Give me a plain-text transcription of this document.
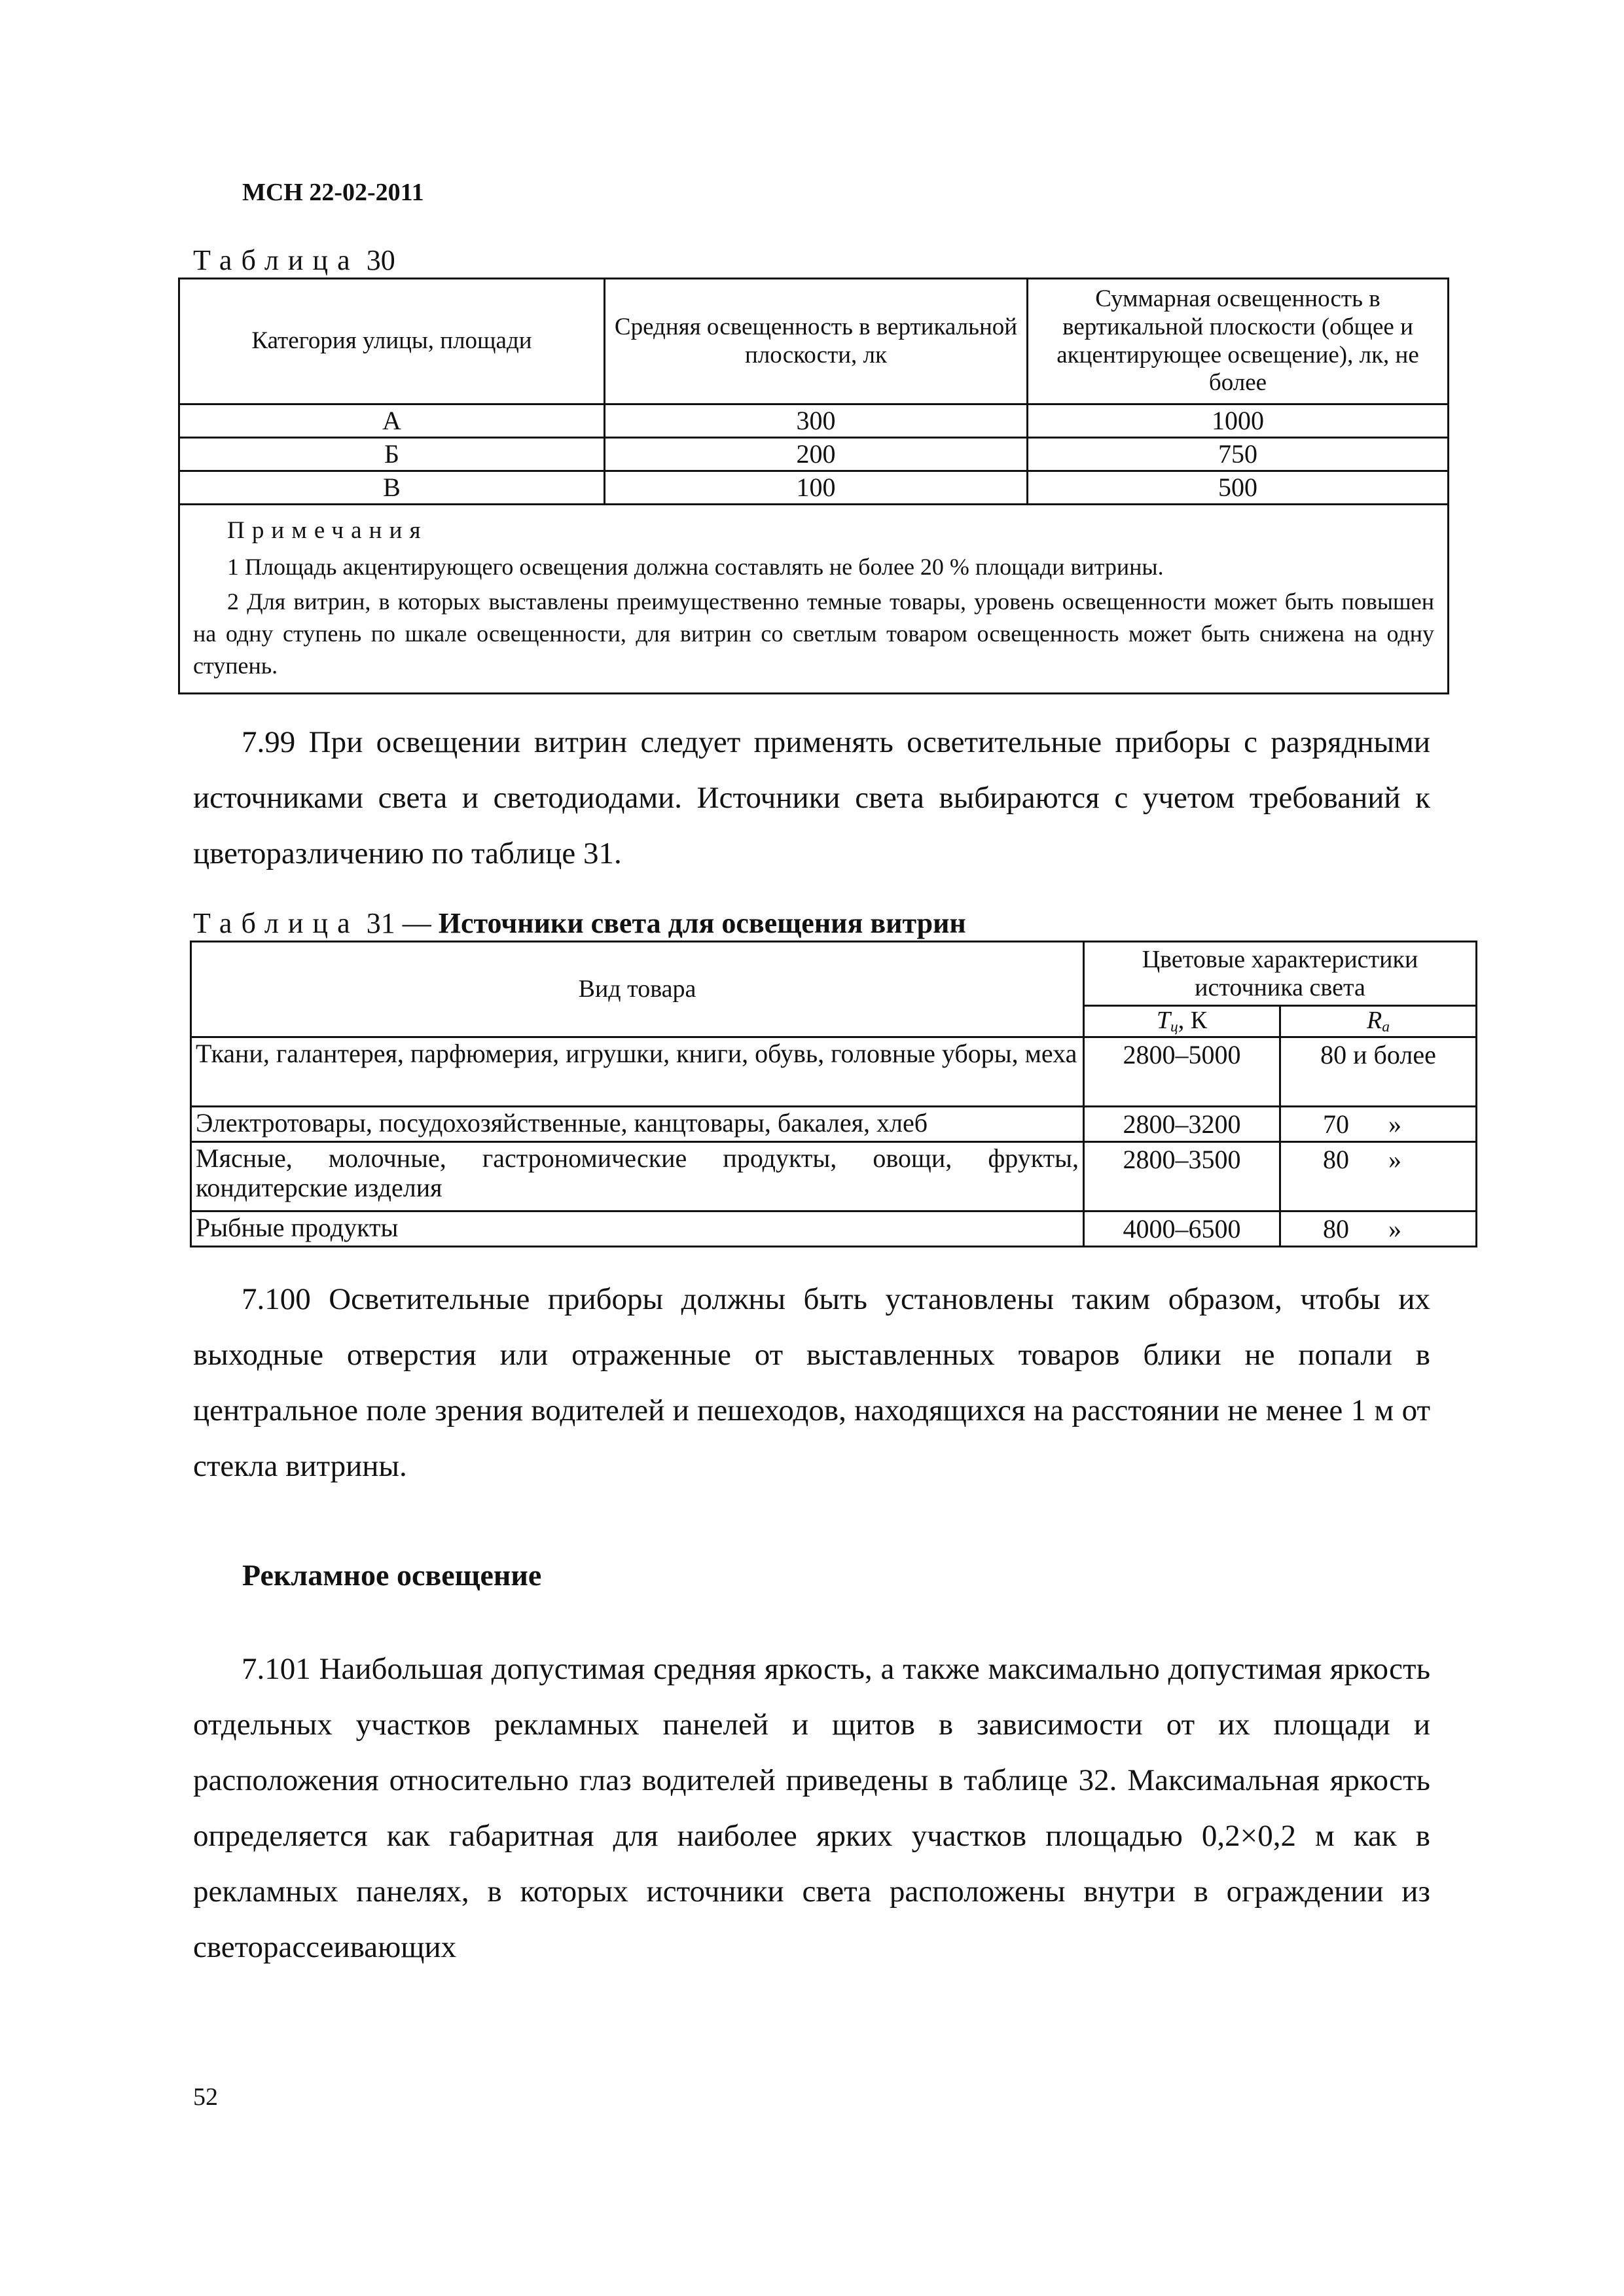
МСН 22-02-2011
Таблица 30
Категория улицы, площади	Средняя освещенность в вертикальной плоскости, лк	Суммарная освещенность в вертикальной плоскости (общее и акцентирующее освещение), лк, не более
А	300	1000
Б	200	750
В	100	500

Примечания

1 Площадь акцентирующего освещения должна составлять не более 20 % площади витрины.

2 Для витрин, в которых выставлены преимущественно темные товары, уровень освещенности может быть повышен на одну ступень по шкале освещенности, для витрин со светлым товаром освещенность может быть снижена на одну ступень.		

7.99 При освещении витрин следует применять осветительные приборы с разрядными источниками света и светодиодами. Источники света выбираются с учетом требований к цветоразличению по таблице 31.

Таблица 31 — Источники света для освещения витрин
Вид товара	Цветовые характеристики источника света	
	$T_ц$, К	$R_a$
Ткани, галантерея, парфюмерия, игрушки, книги, обувь, головные уборы, меха	2800–5000	80 и более
Электротовары, посудохозяйственные, канцтовары, бакалея, хлеб	2800–3200	70      »
Мясные, молочные, гастрономические продукты, овощи, фрукты, кондитерские изделия	2800–3500	80      »
Рыбные продукты	4000–6500	80      »

7.100 Осветительные приборы должны быть установлены таким образом, чтобы их выходные отверстия или отраженные от выставленных товаров блики не попали в центральное поле зрения водителей и пешеходов, находящихся на расстоянии не менее 1 м от стекла витрины.

Рекламное освещение

7.101 Наибольшая допустимая средняя яркость, а также максимально допустимая яркость отдельных участков рекламных панелей и щитов в зависимости от их площади и расположения относительно глаз водителей приведены в таблице 32. Максимальная яркость определяется как габаритная для наиболее ярких участков площадью 0,2×0,2 м как в рекламных панелях, в которых источники света расположены внутри в ограждении из светорассеивающих

52
